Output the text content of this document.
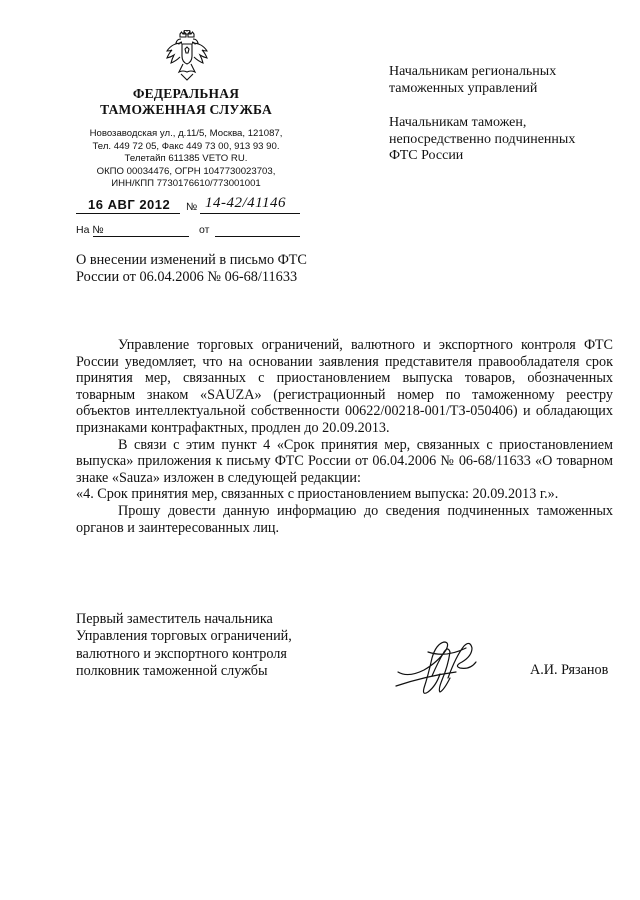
ФЕДЕРАЛЬНАЯ
ТАМОЖЕННАЯ СЛУЖБА
Новозаводская ул., д.11/5, Москва, 121087,
Тел. 449 72 05, Факс 449 73 00, 913 93 90.
Телетайп 611385 VETO RU.
ОКПО 00034476, ОГРН 1047730023703,
ИНН/КПП 7730176610/773001001
16 АВГ 2012 № 14-42/41146
На №	от
О внесении изменений в письмо ФТС
России от 06.04.2006 № 06-68/11633

Начальникам региональных
таможенных управлений

Начальникам таможен,
непосредственно подчиненных
ФТС России

Управление торговых ограничений, валютного и экспортного контроля ФТС России уведомляет, что на основании заявления представителя правообладателя срок принятия мер, связанных с приостановлением выпуска товаров, обозначенных товарным знаком «SAUZA» (регистрационный номер по таможенному реестру объектов интеллектуальной собственности 00622/00218-001/ТЗ-050406) и обладающих признаками контрафактных, продлен до 20.09.2013.

В связи с этим пункт 4 «Срок принятия мер, связанных с приостановлением выпуска» приложения к письму ФТС России от 06.04.2006 № 06-68/11633 «О товарном знаке «Sauza» изложен в следующей редакции:

«4. Срок принятия мер, связанных с приостановлением выпуска: 20.09.2013 г.».

Прошу довести данную информацию до сведения подчиненных таможенных органов и заинтересованных лиц.

Первый заместитель начальника
Управления торговых ограничений,
валютного и экспортного контроля
полковник таможенной службы	А.И. Рязанов
